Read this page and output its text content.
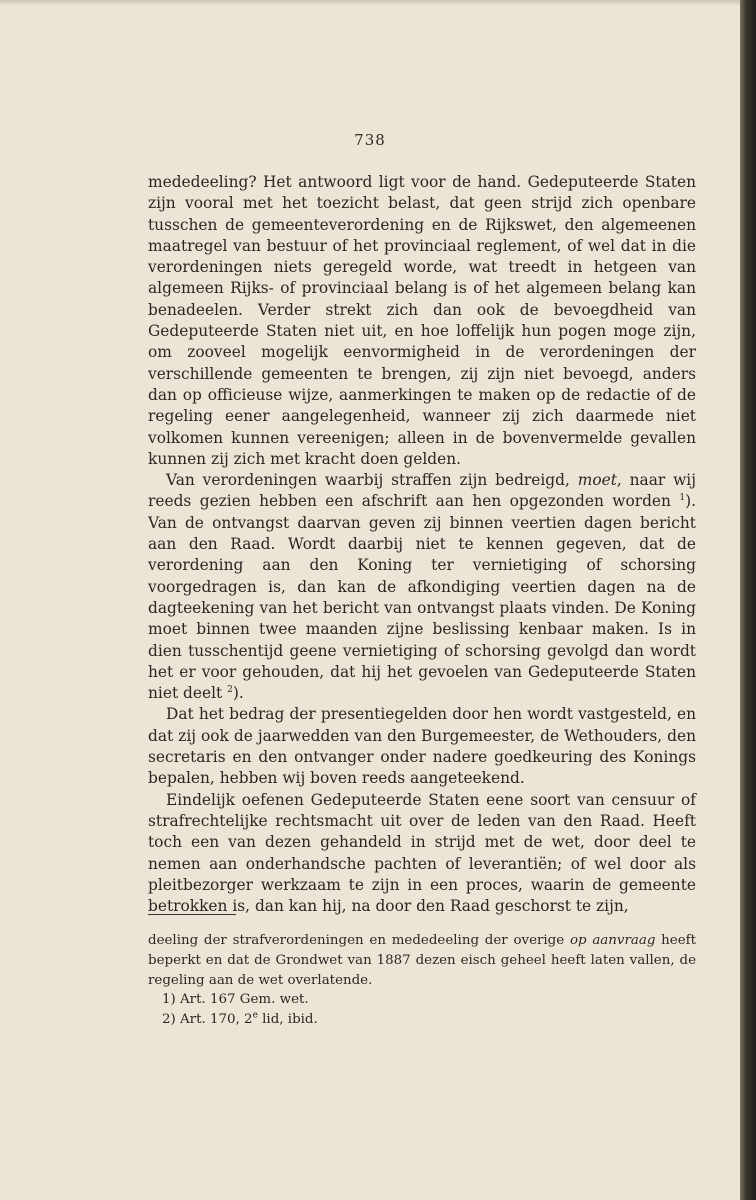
738

mededeeling? Het antwoord ligt voor de hand. Gedeputeerde Staten zijn vooral met het toezicht belast, dat geen strijd zich openbare tusschen de gemeenteverordening en de Rijkswet, den algemeenen maatregel van bestuur of het provinciaal reglement, of wel dat in die verordeningen niets geregeld worde, wat treedt in hetgeen van algemeen Rijks- of provinciaal belang is of het algemeen belang kan benadeelen. Verder strekt zich dan ook de bevoegdheid van Gedeputeerde Staten niet uit, en hoe loffelijk hun pogen moge zijn, om zooveel mogelijk eenvormigheid in de verordeningen der verschillende gemeenten te brengen, zij zijn niet bevoegd, anders dan op officieuse wijze, aanmerkingen te maken op de redactie of de regeling eener aangelegenheid, wanneer zij zich daarmede niet volkomen kunnen vereenigen; alleen in de bovenvermelde gevallen kunnen zij zich met kracht doen gelden.

Van verordeningen waarbij straffen zijn bedreigd, moet, naar wij reeds gezien hebben een afschrift aan hen opgezonden worden $^1$). Van de ontvangst daarvan geven zij binnen veertien dagen bericht aan den Raad. Wordt daarbij niet te kennen gegeven, dat de verordening aan den Koning ter vernietiging of schorsing voorgedragen is, dan kan de afkondiging veertien dagen na de dagteekening van het bericht van ontvangst plaats vinden. De Koning moet binnen twee maanden zijne beslissing kenbaar maken. Is in dien tusschentijd geene vernietiging of schorsing gevolgd dan wordt het er voor gehouden, dat hij het gevoelen van Gedeputeerde Staten niet deelt $^2$).

Dat het bedrag der presentiegelden door hen wordt vastgesteld, en dat zij ook de jaarwedden van den Burgemeester, de Wethouders, den secretaris en den ontvanger onder nadere goedkeuring des Konings bepalen, hebben wij boven reeds aangeteekend.

Eindelijk oefenen Gedeputeerde Staten eene soort van censuur of strafrechtelijke rechtsmacht uit over de leden van den Raad. Heeft toch een van dezen gehandeld in strijd met de wet, door deel te nemen aan onderhandsche pachten of leverantiën; of wel door als pleitbezorger werkzaam te zijn in een proces, waarin de gemeente betrokken is, dan kan hij, na door den Raad geschorst te zijn,

deeling der strafverordeningen en mededeeling der overige op aanvraag heeft beperkt en dat de Grondwet van 1887 dezen eisch geheel heeft laten vallen, de regeling aan de wet overlatende.

1) Art. 167 Gem. wet.

2) Art. 170, 2e lid, ibid.
